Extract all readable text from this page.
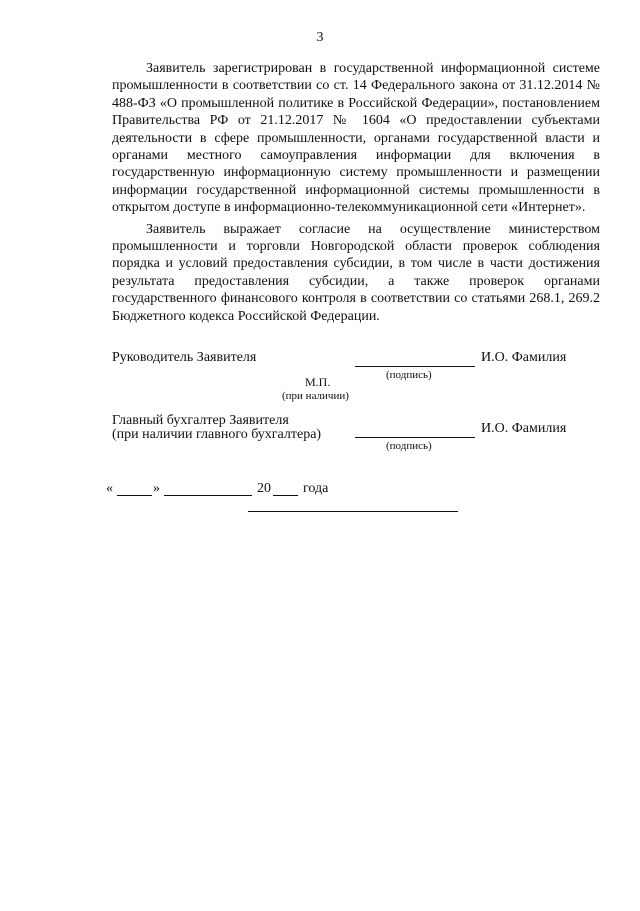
3

Заявитель зарегистрирован в государственной информационной системе промышленности в соответствии со ст. 14 Федерального закона от 31.12.2014 № 488-ФЗ «О промышленной политике в Российской Федерации», постановлением Правительства РФ от 21.12.2017 № 1604 «О предоставлении субъектами деятельности в сфере промышленности, органами государственной власти и органами местного самоуправления информации для включения в государственную информационную систему промышленности и размещении информации государственной информационной системы промышленности в открытом доступе в информационно-телекоммуникационной сети «Интернет».

Заявитель выражает согласие на осуществление министерством промышленности и торговли Новгородской области проверок соблюдения порядка и условий предоставления субсидии, в том числе в части достижения результата предоставления субсидии, а также проверок органами государственного финансового контроля в соответствии со статьями 268.1, 269.2 Бюджетного кодекса Российской Федерации.

Руководитель Заявителя	И.О. Фамилия
(подпись)
М.П.
(при наличии)
Главный бухгалтер Заявителя
(при наличии главного бухгалтера)	И.О. Фамилия
(подпись)
«	»	20 года
